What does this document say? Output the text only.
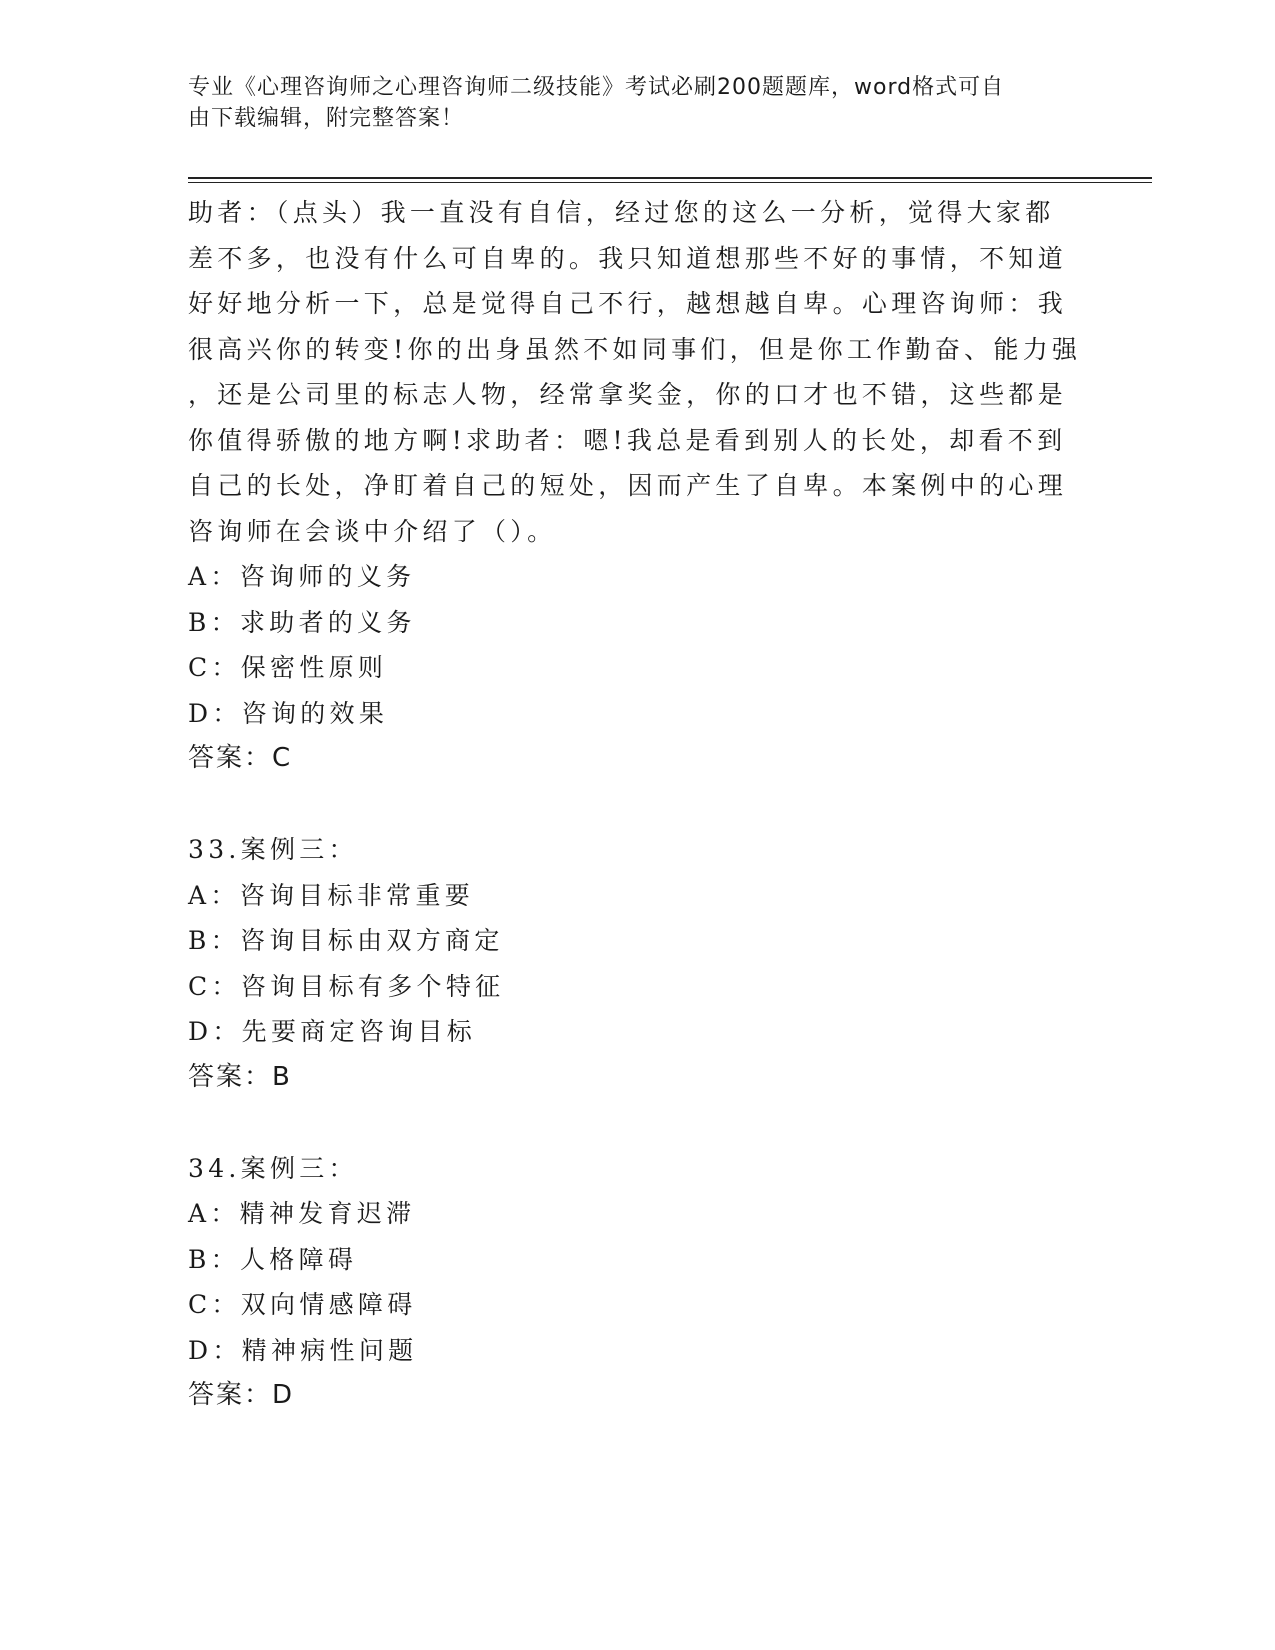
专业《心理咨询师之心理咨询师二级技能》考试必刷200题题库，word格式可自
由下载编辑，附完整答案！
助者：（点头）我一直没有自信，经过您的这么一分析，觉得大家都
差不多，也没有什么可自卑的。我只知道想那些不好的事情，不知道
好好地分析一下，总是觉得自己不行，越想越自卑。心理咨询师：我
很高兴你的转变!你的出身虽然不如同事们，但是你工作勤奋、能力强
，还是公司里的标志人物，经常拿奖金，你的口才也不错，这些都是
你值得骄傲的地方啊!求助者：嗯!我总是看到别人的长处，却看不到
自己的长处，净盯着自己的短处，因而产生了自卑。本案例中的心理
咨询师在会谈中介绍了（）。
A：咨询师的义务
B：求助者的义务
C：保密性原则
D：咨询的效果
答案：C
33.案例三：
A：咨询目标非常重要
B：咨询目标由双方商定
C：咨询目标有多个特征
D：先要商定咨询目标
答案：B
34.案例三：
A：精神发育迟滞
B：人格障碍
C：双向情感障碍
D：精神病性问题
答案：D
